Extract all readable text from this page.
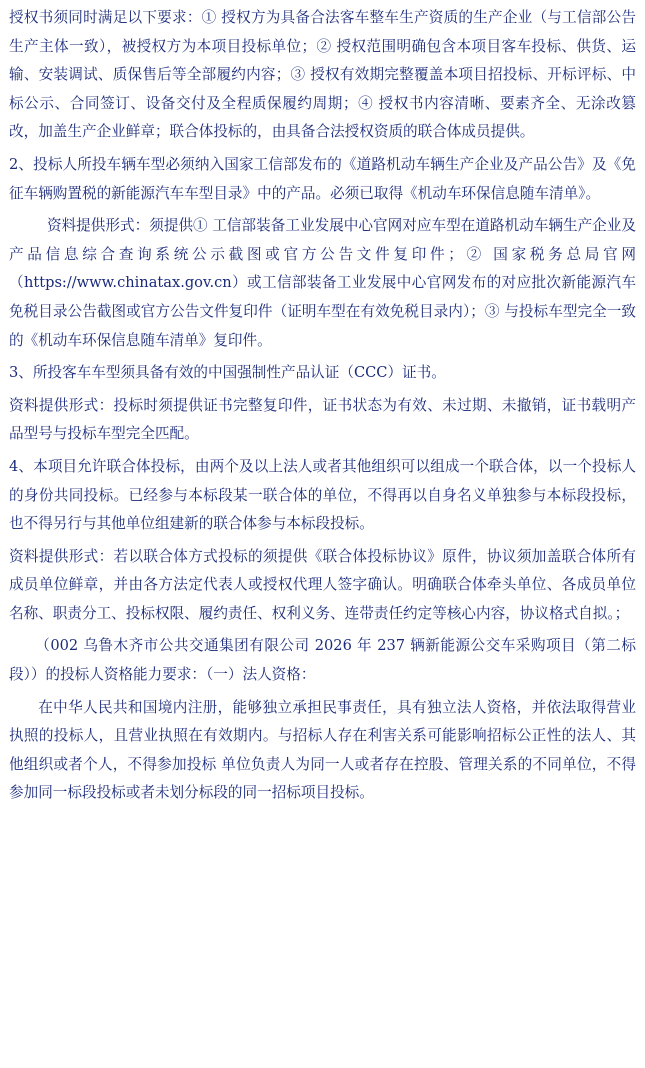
授权书须同时满足以下要求：① 授权方为具备合法客车整车生产资质的生产企业（与工信部公告生产主体一致），被授权方为本项目投标单位；② 授权范围明确包含本项目客车投标、供货、运输、安装调试、质保售后等全部履约内容；③ 授权有效期完整覆盖本项目招投标、开标评标、中标公示、合同签订、设备交付及全程质保履约周期；④ 授权书内容清晰、要素齐全、无涂改篡改，加盖生产企业鲜章；联合体投标的，由具备合法授权资质的联合体成员提供。

2、投标人所投车辆车型必须纳入国家工信部发布的《道路机动车辆生产企业及产品公告》及《免征车辆购置税的新能源汽车车型目录》中的产品。必须已取得《机动车环保信息随车清单》。

资料提供形式：须提供① 工信部装备工业发展中心官网对应车型在道路机动车辆生产企业及产品信息综合查询系统公示截图或官方公告文件复印件；② 国家税务总局官网（https://www.chinatax.gov.cn）或工信部装备工业发展中心官网发布的对应批次新能源汽车免税目录公告截图或官方公告文件复印件（证明车型在有效免税目录内）；③ 与投标车型完全一致的《机动车环保信息随车清单》复印件。

3、所投客车车型须具备有效的中国强制性产品认证（CCC）证书。

资料提供形式：投标时须提供证书完整复印件，证书状态为有效、未过期、未撤销，证书载明产品型号与投标车型完全匹配。

4、本项目允许联合体投标，由两个及以上法人或者其他组织可以组成一个联合体，以一个投标人的身份共同投标。已经参与本标段某一联合体的单位，不得再以自身名义单独参与本标段投标，也不得另行与其他单位组建新的联合体参与本标段投标。

资料提供形式：若以联合体方式投标的须提供《联合体投标协议》原件，协议须加盖联合体所有成员单位鲜章，并由各方法定代表人或授权代理人签字确认。明确联合体牵头单位、各成员单位名称、职责分工、投标权限、履约责任、权利义务、连带责任约定等核心内容，协议格式自拟。；

（002 乌鲁木齐市公共交通集团有限公司 2026 年 237 辆新能源公交车采购项目（第二标段））的投标人资格能力要求：（一）法人资格：

在中华人民共和国境内注册，能够独立承担民事责任，具有独立法人资格，并依法取得营业执照的投标人，且营业执照在有效期内。与招标人存在利害关系可能影响招标公正性的法人、其他组织或者个人，不得参加投标 单位负责人为同一人或者存在控股、管理关系的不同单位，不得参加同一标段投标或者未划分标段的同一招标项目投标。
